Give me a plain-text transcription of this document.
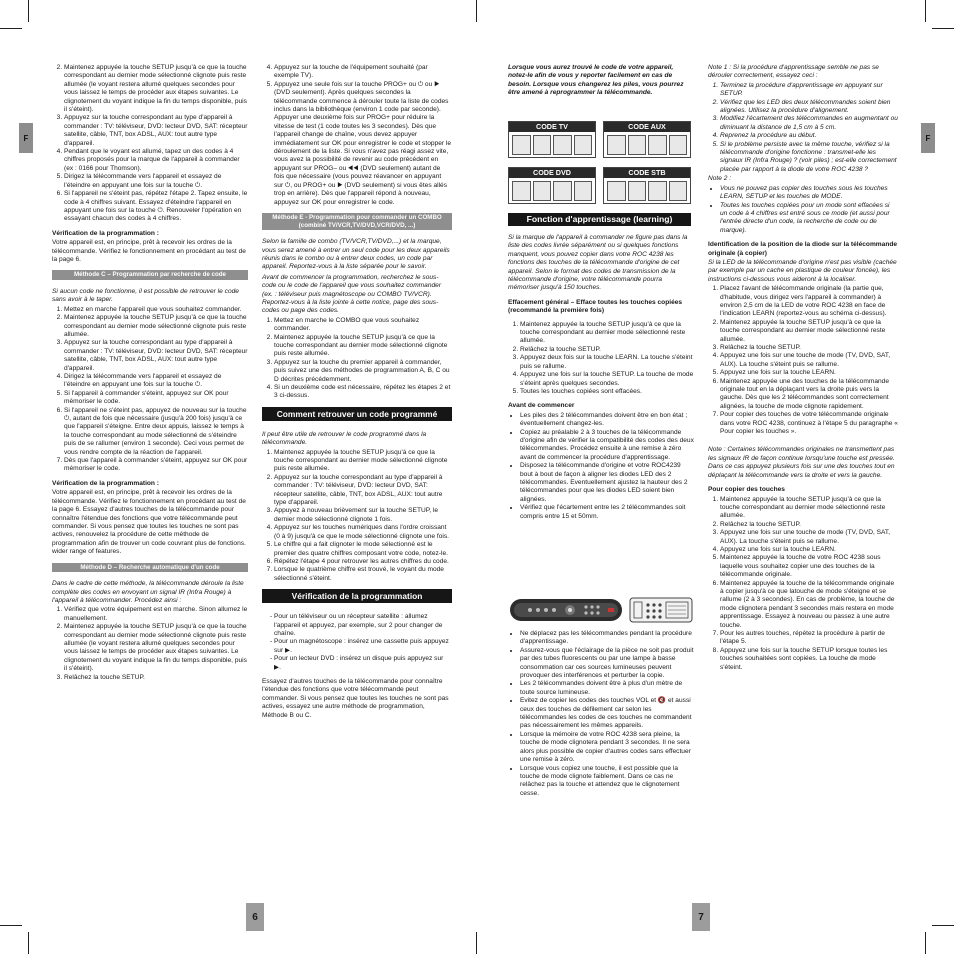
F	F
6	7
2. Maintenez appuyée la touche SETUP jusqu'à ce que la touche correspondant au dernier mode sélectionné clignote puis reste allumée (le voyant restera allumé quelques secondes pour vous laissez le temps de procéder aux étapes suivantes. Le clignotement du voyant indique la fin du temps disponible, puis il s'éteint).
3. Appuyez sur la touche correspondant au type d'appareil à commander : TV: téléviseur, DVD: lecteur DVD, SAT: récepteur satellite, câble, TNT, box ADSL, AUX: tout autre type d'appareil.
4. Pendant que le voyant est allumé, tapez un des codes à 4 chiffres proposés pour la marque de l'appareil à commander (ex : 0166 pour Thomson).
5. Dirigez la télécommande vers l'appareil et essayez de l'éteindre en appuyant une fois sur la touche ⏻.
6. Si l'appareil ne s'éteint pas, répétez l'étape 2. Tapez ensuite, le code à 4 chiffres suivant. Essayez d'éteindre l'appareil en appuyant une fois sur la touche ⏻. Renouveler l'opération en essayant chacun des codes à 4 chiffres.

Vérification de la programmation :

Votre appareil est, en principe, prêt à recevoir les ordres de la télécommande. Vérifiez le fonctionnement en procédant au test de la page 6.

Méthode C – Programmation par recherche de code

Si aucun code ne fonctionne, il est possible de retrouver le code sans avoir à le taper.

1. Mettez en marche l'appareil que vous souhaitez commander.
2. Maintenez appuyée la touche SETUP jusqu'à ce que la touche correspondant au dernier mode sélectionné clignote puis reste allumée.
3. Appuyez sur la touche correspondant au type d'appareil à commander : TV: téléviseur, DVD: lecteur DVD, SAT: récepteur satellite, câble, TNT, box ADSL, AUX: tout autre type d'appareil.
4. Dirigez la télécommande vers l'appareil et essayez de l'éteindre en appuyant une fois sur la touche ⏻.
5. Si l'appareil à commander s'éteint, appuyez sur OK pour mémoriser le code.
6. Si l'appareil ne s'éteint pas, appuyez de nouveau sur la touche ⏻, autant de fois que nécessaire (jusqu'à 200 fois) jusqu'à ce que l'appareil s'éteigne. Entre deux appuis, laissez le temps à la touche correspondant au mode sélectionné de s'éteindre puis de se rallumer (environ 1 seconde). Ceci vous permet de vous rendre compte de la réaction de l'appareil.
7. Dès que l'appareil à commander s'éteint, appuyez sur OK pour mémoriser le code.

Vérification de la programmation :

Votre appareil est, en principe, prêt à recevoir les ordres de la télécommande. Vérifiez le fonctionnement en procédant au test de la page 6. Essayez d'autres touches de la télécommande pour connaître l'étendue des fonctions que votre télécommande peut commander. Si vous pensez que toutes les touches ne sont pas actives, renouvelez la procédure de cette méthode de programmation afin de trouver un code couvrant plus de fonctions. wider range of features.

Méthode D – Recherche automatique d'un code

Dans le cadre de cette méthode, la télécommande déroule la liste complète des codes en envoyant un signal IR (Infra Rouge) à l'appareil à télécommander. Procédez ainsi :

1. Vérifiez que votre équipement est en marche. Sinon allumez le manuellement.
2. Maintenez appuyée la touche SETUP jusqu'à ce que la touche correspondant au dernier mode sélectionné clignote puis reste allumée (le voyant restera allumé quelques secondes pour vous laissez le temps de procéder aux étapes suivantes. Le clignotement du voyant indique la fin du temps disponible, puis il s'éteint).
3. Relâchez la touche SETUP.
4. Appuyez sur la touche de l'équipement souhaité (par exemple TV).
5. Appuyez une seule fois sur la touche PROG+ ou ⏻ ou ▶ (DVD seulement). Après quelques secondes la télécommande commence à dérouler toute la liste de codes inclus dans la bibliothèque (environ 1 code par seconde). Appuyer une deuxième fois sur PROG+ pour réduire la vitesse de test (1 code toutes les 3 secondes). Dès que l'appareil change de chaîne, vous devez appuyer immédiatement sur OK pour enregistrer le code et stopper le déroulement de la liste. Si vous n'avez pas réagi assez vite, vous avez la possibilité de revenir au code précédent en appuyant sur PROG– ou ◀◀ (DVD seulement) autant de fois que nécessaire (vous pouvez réavancer en appuyant sur ⏻, ou PROG+ ou ▶ (DVD seulement) si vous êtes allés trop en arrière). Dès que l'appareil répond à nouveau, appuyez sur OK pour enregistrer le code.
Méthode E - Programmation pour commander un COMBO (combiné TV/VCR,TV/DVD,VCR/DVD, ...)

Selon la famille de combo (TV/VCR,TV/DVD,...) et la marque, vous serez amené à entrer un seul code pour les deux appareils réunis dans le combo ou à entrer deux codes, un code par appareil. Reportez-vous à la liste séparée pour le savoir.

Avant de commencer la programmation, recherchez le sous-code ou le code de l'appareil que vous souhaitez commander (ex. : téléviseur puis magnétoscope ou COMBO TV/VCR). Reportez-vous à la liste jointe à cette notice, page des sous-codes ou page des codes.

1. Mettez en marche le COMBO que vous souhaitez commander.
2. Maintenez appuyée la touche SETUP jusqu'à ce que la touche correspondant au dernier mode sélectionné clignote puis reste allumée.
3. Appuyez sur la touche du premier appareil à commander, puis suivez une des méthodes de programmation A, B, C ou D décrites précédemment.
4. Si un deuxième code est nécessaire, répétez les étapes 2 et 3 ci-dessus.
Comment retrouver un code programmé

Il peut être utile de retrouver le code programmé dans la télécommande.

1. Maintenez appuyée la touche SETUP jusqu'à ce que la touche correspondant au dernier mode sélectionné clignote puis reste allumée.
2. Appuyez sur la touche correspondant au type d'appareil à commander : TV: téléviseur, DVD: lecteur DVD, SAT: récepteur satellite, câble, TNT, box ADSL, AUX: tout autre type d'appareil.
3. Appuyez à nouveau brièvement sur la touche SETUP, le dernier mode sélectionné clignote 1 fois.
4. Appuyez sur les touches numériques dans l'ordre croissant (0 à 9) jusqu'à ce que le mode sélectionné clignote une fois.
5. Le chiffre qui a fait clignoter le mode sélectionné est le premier des quatre chiffres composant votre code, notez-le.
6. Répétez l'étape 4 pour retrouver les autres chiffres du code.
7. Lorsque le quatrième chiffre est trouvé, le voyant du mode sélectionné s'éteint.
Vérification de la programmation
- Pour un téléviseur ou un récepteur satellite : allumez l'appareil et appuyez, par exemple, sur 2 pour changer de chaîne.
- Pour un magnétoscope : insérez une cassette puis appuyez sur ▶.
- Pour un lecteur DVD : insérez un disque puis appuyez sur ▶.

Essayez d'autres touches de la télécommande pour connaître l'étendue des fonctions que votre télécommande peut commander. Si vous pensez que toutes les touches ne sont pas actives, essayez une autre méthode de programmation, Méthode B ou C.

Lorsque vous aurez trouvé le code de votre appareil, notez-le afin de vous y reporter facilement en cas de besoin. Lorsque vous changerez les piles, vous pourrez être amené à reprogrammer la télécommande.

CODE TV	CODE AUX
CODE DVD	CODE STB
Fonction d'apprentissage (learning)

Si la marque de l'appareil à commander ne figure pas dans la liste des codes livrée séparément ou si quelques fonctions manquent, vous pouvez copier dans votre ROC 4238 les fonctions des touches de la télécommande d'origine de cet appareil. Selon le format des codes de transmission de la télécommande d'origine, votre télécommande pourra mémoriser jusqu'à 150 touches.

Effacement général – Efface toutes les touches copiées (recommandé la première fois)

1. Maintenez appuyée la touche SETUP jusqu'à ce que la touche correspondant au dernier mode sélectionné reste allumée.
2. Relâchez la touche SETUP.
3. Appuyez deux fois sur la touche LEARN. La touche s'éteint puis se rallume.
4. Appuyez une fois sur la touche SETUP. La touche de mode s'éteint après quelques secondes.
5. Toutes les touches copiées sont effacées.

Avant de commencer

• Les piles des 2 télécommandes doivent être en bon état ; éventuellement changez-les.
• Copiez au préalable 2 à 3 touches de la télécommande d'origine afin de vérifier la compatibilité des codes des deux télécommandes. Procédez ensuite à une remise à zéro avant de commencer la procédure d'apprentissage.
• Disposez la télécommande d'origine et votre ROC4239 bout à bout de façon à aligner les diodes LED des 2 télécommandes. Eventuellement ajustez la hauteur des 2 télécommandes pour que les diodes LED soient bien alignées.
• Vérifiez que l'écartement entre les 2 télécommandes soit compris entre 15 et 50mm.
• Ne déplacez pas les télécommandes pendant la procédure d'apprentissage.
• Assurez-vous que l'éclairage de la pièce ne soit pas produit par des tubes fluorescents ou par une lampe à basse consommation car ces sources lumineuses peuvent provoquer des interférences et perturber la copie.
• Les 2 télécommandes doivent être à plus d'un mètre de toute source lumineuse.
• Evitez de copier les codes des touches VOL et 🔇 et aussi ceux des touches de défilement car selon les télécommandes les codes de ces touches ne commandent pas nécessairement les mêmes appareils.
• Lorsque la mémoire de votre ROC 4238 sera pleine, la touche de mode clignotera pendant 3 secondes. Il ne sera alors plus possible de copier d'autres codes sans effectuer une remise à zéro.
• Lorsque vous copiez une touche, il est possible que la touche de mode clignote faiblement. Dans ce cas ne relâchez pas la touche et attendez que le clignotement cesse.

Note 1 : Si la procédure d'apprentissage semble ne pas se dérouler correctement, essayez ceci :

1. Terminez la procédure d'apprentissage en appuyant sur SETUP.
2. Vérifiez que les LED des deux télécommandes soient bien alignées. Utilisez la procédure d'alignement.
3. Modifiez l'écartement des télécommandes en augmentant ou diminuant la distance de 1,5 cm à 5 cm.
4. Reprenez la procédure au début.
5. Si le problème persiste avec la même touche, vérifiez si la télécommande d'origine fonctionne : transmet-elle les signaux IR (Infra Rouge) ? (voir piles) ; est-elle correctement placée par rapport à la diode de votre ROC 4238 ?

Note 2 :

• Vous ne pouvez pas copier des touches sous les touches LEARN, SETUP et les touches de MODE.
• Toutes les touches copiées pour un mode sont effacées si un code à 4 chiffres est entré sous ce mode (et aussi pour l'entrée directe d'un code, la recherche de code ou de marque).

Identification de la position de la diode sur la télécommande originale (à copier)

Si la LED de la télécommande d'origine n'est pas visible (cachée par exemple par un cache en plastique de couleur foncée), les instructions ci-dessous vous aideront à la localiser.

1. Placez l'avant de télécommande originale (la partie que, d'habitude, vous dirigez vers l'appareil à commander) à environ 2,5 cm de la LED de votre ROC 4238 en face de l'indication LEARN (reportez-vous au schéma ci-dessus).
2. Maintenez appuyée la touche SETUP jusqu'à ce que la touche correspondant au dernier mode sélectionné reste allumée.
3. Relâchez la touche SETUP.
4. Appuyez une fois sur une touche de mode (TV, DVD, SAT, AUX). La touche s'éteint puis se rallume.
5. Appuyez une fois sur la touche LEARN.
6. Maintenez appuyée une des touches de la télécommande originale tout en la déplaçant vers la droite puis vers la gauche. Dès que les 2 télécommandes sont correctement alignées, la touche de mode clignote rapidement.
7. Pour copier des touches de votre télécommande originale dans votre ROC 4238, continuez à l'étape 5 du paragraphe « Pour copier les touches ».

Note : Certaines télécommandes originales ne transmettent pas les signaux IR de façon continue lorsqu'une touche est pressée. Dans ce cas appuyez plusieurs fois sur une des touches tout en déplaçant la télécommande vers la droite et vers la gauche.

Pour copier des touches

1. Maintenez appuyée la touche SETUP jusqu'à ce que la touche correspondant au dernier mode sélectionné reste allumée.
2. Relâchez la touche SETUP.
3. Appuyez une fois sur une touche de mode (TV, DVD, SAT, AUX). La touche s'éteint puis se rallume.
4. Appuyez une fois sur la touche LEARN.
5. Maintenez appuyée la touche de votre ROC 4238 sous laquelle vous souhaitez copier une des touches de la télécommande originale.
6. Maintenez appuyée la touche de la télécommande originale à copier jusqu'à ce que latouche de mode s'éteigne et se rallume (2 à 3 secondes). En cas de problème, la touche de mode clignotera pendant 3 secondes mais restera en mode apprentissage. Essayez à nouveau ou passez à une autre touche.
7. Pour les autres touches, répétez la procédure à partir de l'étape 5.
8. Appuyez une fois sur la touche SETUP lorsque toutes les touches souhaitées sont copiées. La touche de mode s'éteint.
